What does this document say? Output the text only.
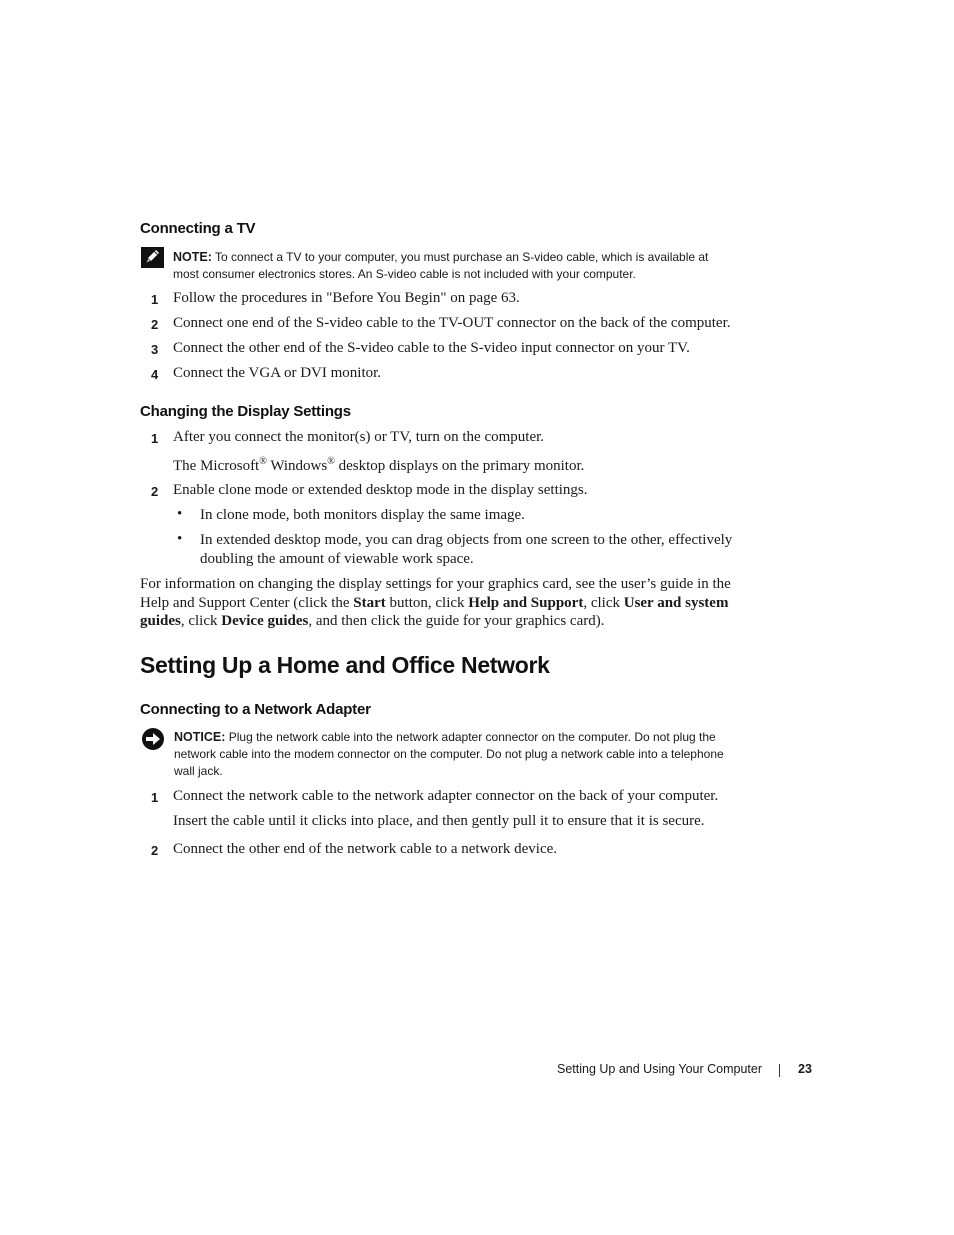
Connecting a TV
NOTE: To connect a TV to your computer, you must purchase an S-video cable, which is available at
most consumer electronics stores. An S-video cable is not included with your computer.
1 Follow the procedures in "Before You Begin" on page 63.
2 Connect one end of the S-video cable to the TV-OUT connector on the back of the computer.
3 Connect the other end of the S-video cable to the S-video input connector on your TV.
4 Connect the VGA or DVI monitor.
Changing the Display Settings
1 After you connect the monitor(s) or TV, turn on the computer.
The Microsoft® Windows® desktop displays on the primary monitor.
2 Enable clone mode or extended desktop mode in the display settings.
• In clone mode, both monitors display the same image.
• In extended desktop mode, you can drag objects from one screen to the other, effectively
doubling the amount of viewable work space.
For information on changing the display settings for your graphics card, see the user’s guide in the
Help and Support Center (click the Start button, click Help and Support, click User and system
guides, click Device guides, and then click the guide for your graphics card).
Setting Up a Home and Office Network
Connecting to a Network Adapter
NOTICE: Plug the network cable into the network adapter connector on the computer. Do not plug the
network cable into the modem connector on the computer. Do not plug a network cable into a telephone
wall jack.
1 Connect the network cable to the network adapter connector on the back of your computer.
Insert the cable until it clicks into place, and then gently pull it to ensure that it is secure.
2 Connect the other end of the network cable to a network device.
Setting Up and Using Your Computer	23
